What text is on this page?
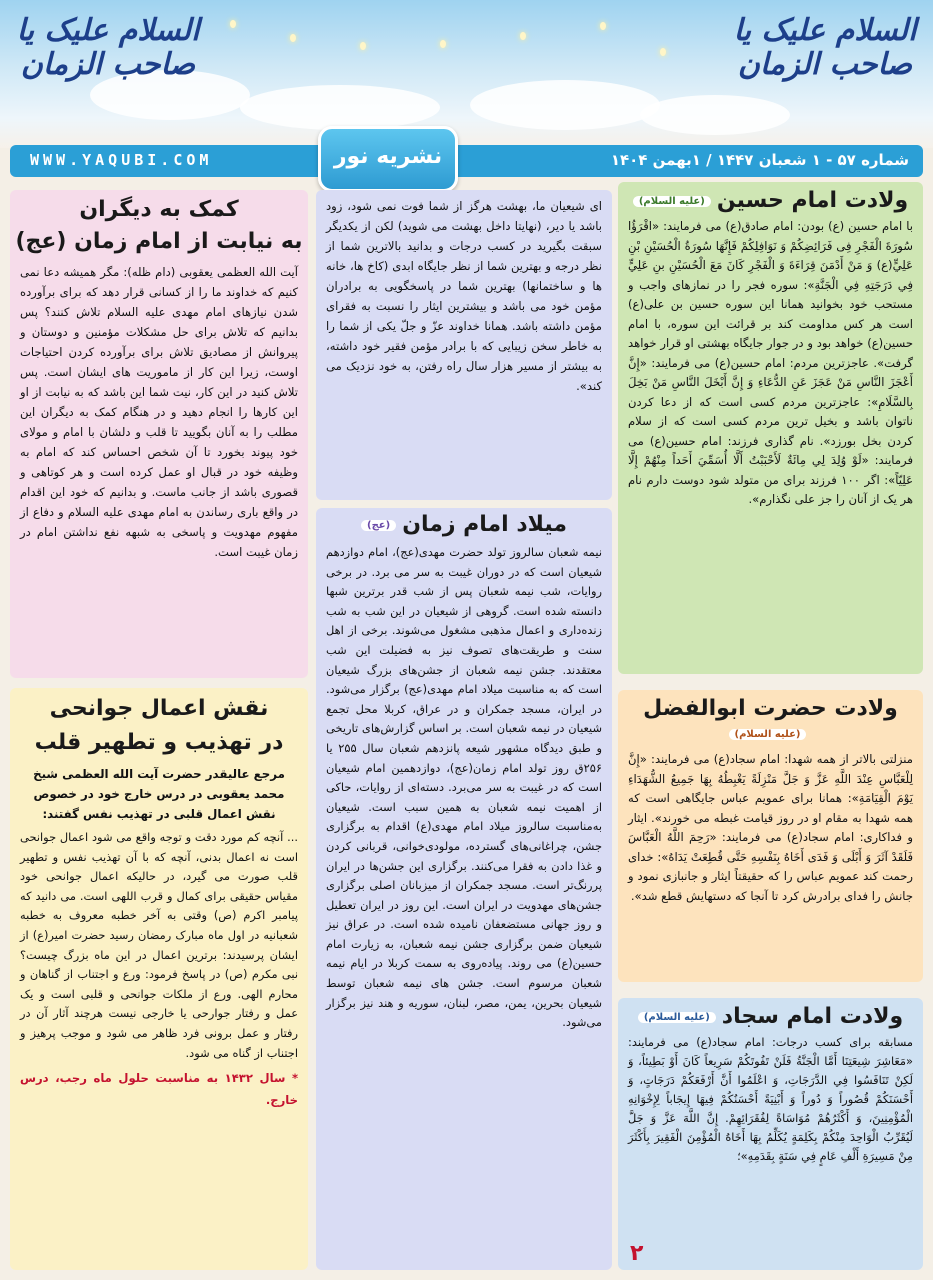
السلام علیک یا صاحب الزمان
السلام علیک یا صاحب الزمان
WWW.YAQUBI.COM	شماره ۵۷ - ۱ شعبان ۱۴۴۷ / ۱بهمن ۱۴۰۴
نشریه نور
ولادت امام حسین(علیه السلام)
با امام حسین (ع) بودن: امام صادق(ع) می فرمایند: «اقْرَؤُا سُورَةَ الْفَجْرِ فِی فَرَائِضِكُمْ وَ نَوَافِلِكُمْ فَإِنَّهَا سُورَةُ الْحُسَيْنِ بْنِ عَلِيٍّ(ع) وَ مَنْ أَدْمَنَ قِرَاءَةَ وَ الْفَجْرِ كَانَ مَعَ الْحُسَيْنِ بنِ عَلِيٍّ فِي دَرَجَتِهِ فِي الْجَنَّةِ»: سوره فجر را در نمازهای واجب و مستحب خود بخوانید همانا این سوره حسین بن علی(ع) است هر کس مداومت کند بر قرائت این سوره، با امام حسین(ع) خواهد بود و در جوار جایگاه بهشتی او قرار خواهد گرفت». عاجزترین مردم: امام حسین(ع) می فرمایند: «إِنَّ أَعْجَزَ النَّاسِ مَنْ عَجَزَ عَنِ الدُّعَاءِ وَ إِنَّ أَبْخَلَ النَّاسِ مَنْ بَخِلَ بِالسَّلَامِ»: عاجزترین مردم کسی است که از دعا کردن ناتوان باشد و بخیل ترین مردم کسی است که از سلام کردن بخل بورزد». نام گذاری فرزند: امام حسین(ع) می فرمایند: «لَوْ وُلِدَ لِي مِائَةٌ لَأَحْبَبْتُ أَلَّا أُسَمِّيَ أَحَداً مِنْهُمْ إِلَّا عَلِيّاً»: اگر ۱۰۰ فرزند برای من متولد شود دوست دارم نام هر یک از آنان را جز علی نگذارم».
ولادت حضرت ابوالفضل(علیه السلام)
منزلتی بالاتر از همه شهدا: امام سجاد(ع) می فرمایند: «إِنَّ لِلْعَبَّاسِ عِنْدَ اللَّهِ عَزَّ وَ جَلَّ مَنْزِلَةً يَغْبِطُهُ بِهَا جَمِيعُ الشُّهَدَاءِ يَوْمَ الْقِيَامَةِ»: همانا برای عمویم عباس جایگاهی است که همه شهدا به مقام او در روز قیامت غبطه می خورند». ایثار و فداکاری: امام سجاد(ع) می فرمایند: «رَحِمَ اللَّهُ الْعَبَّاسَ فَلَقَدْ آثَرَ وَ أَبْلَى وَ فَدَى أَخَاهُ بِنَفْسِهِ حَتَّى قُطِعَتْ يَدَاهُ»: خدای رحمت کند عمویم عباس را که حقیقتاً ایثار و جانبازی نمود و جانش را فدای برادرش کرد تا آنجا که دستهایش قطع شد».
ولادت امام سجاد(علیه السلام)
مسابقه برای کسب درجات: امام سجاد(ع) می فرمایند: «مَعَاشِرَ شِيعَتِنَا أَمَّا الْجَنَّةُ فَلَنْ تَفُوتَكُمْ سَرِيعاً كَانَ أَوْ بَطِيئاً، وَ لَكِنْ تَنَافَسُوا فِي الدَّرَجَاتِ، وَ اعْلَمُوا أَنَّ أَرْفَعَكُمْ دَرَجَاتٍ، وَ أَحْسَنَكُمْ قُصُوراً وَ دُوراً وَ أَبْنِيَةً أَحْسَنُكُمْ فِيهَا إِيجَاباً لِإِخْوَانِهِ الْمُؤْمِنِينَ، وَ أَكْثَرُهُمْ مُوَاسَاةً لِفُقَرَائِهِمْ. إِنَّ اللَّهَ عَزَّ وَ جَلَّ لَيُقَرِّبُ الْوَاحِدَ مِنْكُمْ بِكَلِمَةٍ يُكَلِّمُ بِهَا أَخَاهُ الْمُؤْمِنَ الْفَقِيرَ بِأَكْثَرَ مِنْ مَسِيرَةِ أَلْفِ عَامٍ فِي سَنَةٍ بِقَدَمِهِ»؛
۲
ای شیعیان ما، بهشت هرگز از شما فوت نمی شود، زود باشد یا دیر، (نهایتا داخل بهشت می شوید) لکن از یکدیگر سبقت بگیرید در کسب درجات و بدانید بالاترین شما از نظر درجه و بهترین شما از نظر جایگاه ابدی (کاخ ها، خانه ها و ساختمانها) بهترین شما در پاسخگویی به برادران مؤمن خود می باشد و بیشترین ایثار را نسبت به فقرای مؤمن داشته باشد. همانا خداوند عزّ و جلّ یکی از شما را به خاطر سخن زیبایی که با برادر مؤمن فقیر خود داشته، به بیشتر از مسیر هزار سال راه رفتن، به خود نزدیک می کند».
میلاد امام زمان(عج)
نیمه شعبان سالروز تولد حضرت مهدی(عج)، امام دوازدهم شیعیان است که در دوران غیبت به سر می برد. در برخی روایات، شب نیمه شعبان پس از شب قدر برترین شبها دانسته شده است. گروهی از شیعیان در این شب به شب زنده‌داری و اعمال مذهبی مشغول می‌شوند. برخی از اهل سنت و طریقت‌های تصوف نیز به فضیلت این شب معتقدند. جشن نیمه شعبان از جشن‌های بزرگ شیعیان است که به مناسبت میلاد امام مهدی(عج) برگزار می‌شود. در ایران، مسجد جمکران و در عراق، کربلا محل تجمع شیعیان در نیمه شعبان است. بر اساس گزارش‌های تاریخی و طبق دیدگاه مشهور شیعه پانزدهم شعبان سال ۲۵۵ یا ۲۵۶ق روز تولد امام زمان(عج)، دوازدهمین امام شیعیان است که در غیبت به سر می‌برد. دسته‌ای از روایات، حاکی از اهمیت نیمه شعبان به همین سبب است. شیعیان به‌مناسبت سالروز میلاد امام مهدی(ع) اقدام به برگزاری جشن، چراغانی‌های گسترده، مولودی‌خوانی، قربانی کردن و غذا دادن به فقرا می‌کنند. برگزاری این جشن‌ها در ایران پررنگ‌تر است. مسجد جمکران از میزبانان اصلی برگزاری جشن‌های مهدویت در ایران است. این روز در ایران تعطیل و روز جهانی مستضعفان نامیده شده است. در عراق نیز شیعیان ضمن برگزاری جشن نیمه شعبان، به زیارت امام حسین(ع) می روند. پیاده‌روی به سمت کربلا در ایام نیمه شعبان مرسوم است. جشن های نیمه شعبان توسط شیعیان بحرین، یمن، مصر، لبنان، سوریه و هند نیز برگزار می‌شود.
کمک به دیگران
به نیابت از امام زمان (عج)
آیت الله العظمی یعقوبی (دام ظله): مگر همیشه دعا نمی کنیم که خداوند ما را از کسانی قرار دهد که برای برآورده شدن نیازهای امام مهدی علیه السلام تلاش کنند؟ پس بدانیم که تلاش برای حل مشکلات مؤمنین و دوستان و پیروانش از مصادیق تلاش برای برآورده کردن احتیاجات اوست، زیرا این کار از ماموریت های ایشان است. پس تلاش کنید در این کار، نیت شما این باشد که به نیابت از او این کارها را انجام دهید و در هنگام کمک به دیگران این مطلب را به آنان بگویید تا قلب و دلشان با امام و مولای خود پیوند بخورد تا آن شخص احساس کند که امام به وظیفه خود در قبال او عمل کرده است و هر کوتاهی و قصوری باشد از جانب ماست. و بدانیم که خود این اقدام در واقع باری رساندن به امام مهدی علیه السلام و دفاع از مفهوم مهدویت و پاسخی به شبهه نفع نداشتن امام در زمان غیبت است.
نقش اعمال جوانحی
در تهذیب و تطهیر قلب
مرجع عالیقدر حضرت آیت الله العظمی شیخ محمد یعقوبی در درس خارج خود در خصوص نقش اعمال قلبی در تهذیب نفس گفتند:
... آنچه کم مورد دقت و توجه واقع می شود اعمال جوانحی است نه اعمال بدنی، آنچه که با آن تهذیب نفس و تطهیر قلب صورت می گیرد، در حالیکه اعمال جوانحی خود مقیاس حقیقی برای کمال و قرب اللهی است. می دانید که پیامبر اکرم (ص) وقتی به آخر خطبه معروف به خطبه شعبانیه در اول ماه مبارک رمضان رسید حضرت امیر(ع) از ایشان پرسیدند: برترین اعمال در این ماه بزرگ چیست؟ نبی مکرم (ص) در پاسخ فرمود: ورع و اجتناب از گناهان و محارم الهی. ورع از ملکات جوانحی و قلبی است و یک عمل و رفتار جوارحی یا خارجی نیست هرچند آثار آن در رفتار و عمل برونی فرد ظاهر می شود و موجب پرهیز و اجتناب از گناه می شود.
* سال ۱۴۳۲ به مناسبت حلول ماه رجب، درس خارج.
